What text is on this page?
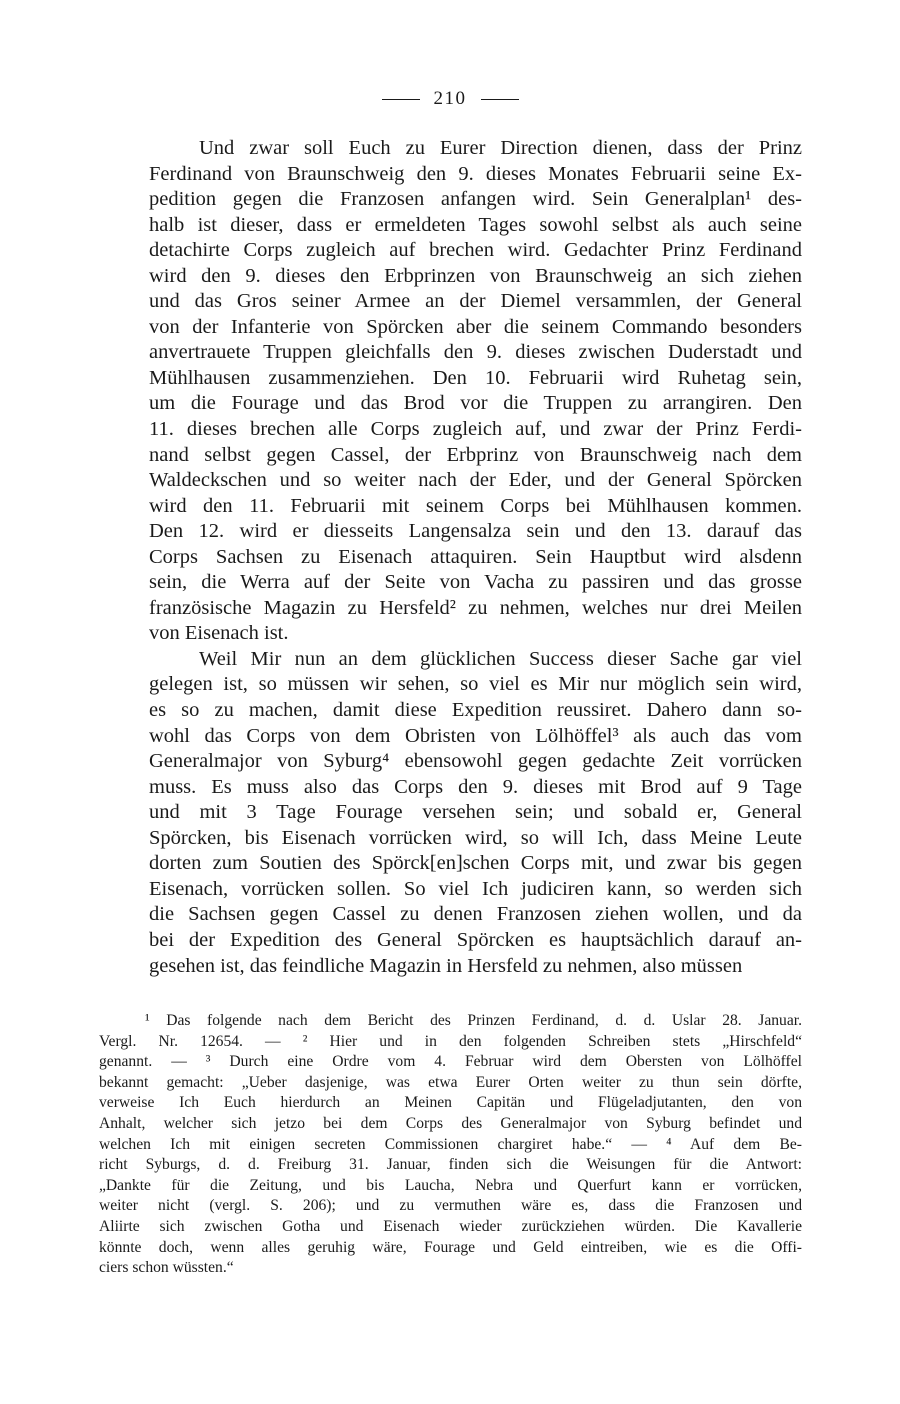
210
Und zwar soll Euch zu Eurer Direction dienen, dass der Prinz
Ferdinand von Braunschweig den 9. dieses Monates Februarii seine Ex-
pedition gegen die Franzosen anfangen wird. Sein Generalplan¹ des-
halb ist dieser, dass er ermeldeten Tages sowohl selbst als auch seine
detachirte Corps zugleich auf brechen wird. Gedachter Prinz Ferdinand
wird den 9. dieses den Erbprinzen von Braunschweig an sich ziehen
und das Gros seiner Armee an der Diemel versammlen, der General
von der Infanterie von Spörcken aber die seinem Commando besonders
anvertrauete Truppen gleichfalls den 9. dieses zwischen Duderstadt und
Mühlhausen zusammenziehen. Den 10. Februarii wird Ruhetag sein,
um die Fourage und das Brod vor die Truppen zu arrangiren. Den
11. dieses brechen alle Corps zugleich auf, und zwar der Prinz Ferdi-
nand selbst gegen Cassel, der Erbprinz von Braunschweig nach dem
Waldeckschen und so weiter nach der Eder, und der General Spörcken
wird den 11. Februarii mit seinem Corps bei Mühlhausen kommen.
Den 12. wird er diesseits Langensalza sein und den 13. darauf das
Corps Sachsen zu Eisenach attaquiren. Sein Hauptbut wird alsdenn
sein, die Werra auf der Seite von Vacha zu passiren und das grosse
französische Magazin zu Hersfeld² zu nehmen, welches nur drei Meilen
von Eisenach ist.
Weil Mir nun an dem glücklichen Success dieser Sache gar viel
gelegen ist, so müssen wir sehen, so viel es Mir nur möglich sein wird,
es so zu machen, damit diese Expedition reussiret. Dahero dann so-
wohl das Corps von dem Obristen von Lölhöffel³ als auch das vom
Generalmajor von Syburg⁴ ebensowohl gegen gedachte Zeit vorrücken
muss. Es muss also das Corps den 9. dieses mit Brod auf 9 Tage
und mit 3 Tage Fourage versehen sein; und sobald er, General
Spörcken, bis Eisenach vorrücken wird, so will Ich, dass Meine Leute
dorten zum Soutien des Spörck[en]schen Corps mit, und zwar bis gegen
Eisenach, vorrücken sollen. So viel Ich judiciren kann, so werden sich
die Sachsen gegen Cassel zu denen Franzosen ziehen wollen, und da
bei der Expedition des General Spörcken es hauptsächlich darauf an-
gesehen ist, das feindliche Magazin in Hersfeld zu nehmen, also müssen
¹ Das folgende nach dem Bericht des Prinzen Ferdinand, d. d. Uslar 28. Januar.
Vergl. Nr. 12654. — ² Hier und in den folgenden Schreiben stets „Hirschfeld“
genannt. — ³ Durch eine Ordre vom 4. Februar wird dem Obersten von Lölhöffel
bekannt gemacht: „Ueber dasjenige, was etwa Eurer Orten weiter zu thun sein dörfte,
verweise Ich Euch hierdurch an Meinen Capitän und Flügeladjutanten, den von
Anhalt, welcher sich jetzo bei dem Corps des Generalmajor von Syburg befindet und
welchen Ich mit einigen secreten Commissionen chargiret habe.“ — ⁴ Auf dem Be-
richt Syburgs, d. d. Freiburg 31. Januar, finden sich die Weisungen für die Antwort:
„Dankte für die Zeitung, und bis Laucha, Nebra und Querfurt kann er vorrücken,
weiter nicht (vergl. S. 206); und zu vermuthen wäre es, dass die Franzosen und
Aliirte sich zwischen Gotha und Eisenach wieder zurückziehen würden. Die Kavallerie
könnte doch, wenn alles geruhig wäre, Fourage und Geld eintreiben, wie es die Offi-
ciers schon wüssten.“
